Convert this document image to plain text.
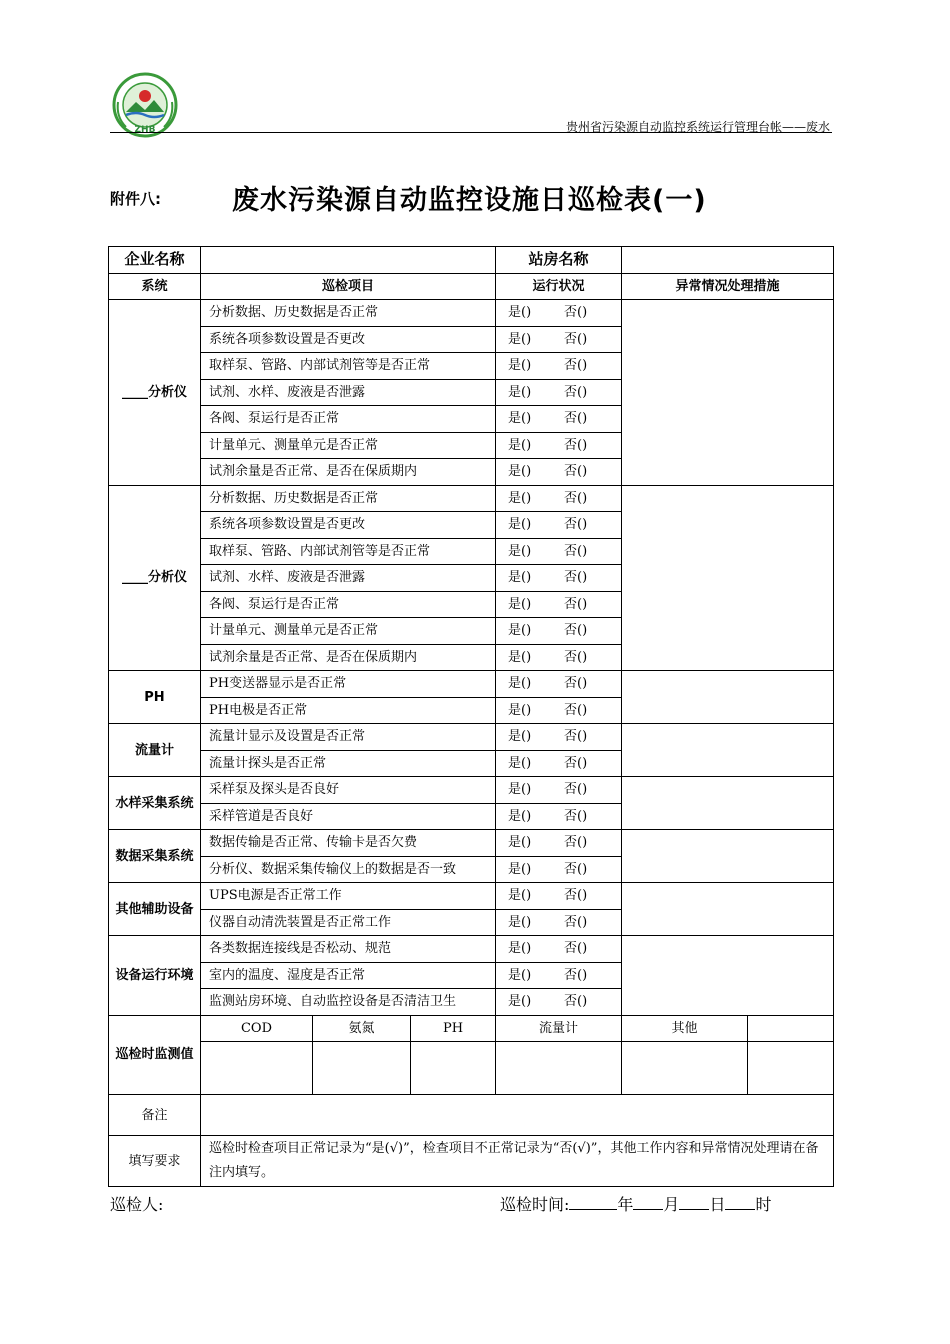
ZHB	贵州省污染源自动监控系统运行管理台帐——废水
附件八:	废水污染源自动监控设施日巡检表(一)
企业名称				站房名称		
系统	巡检项目			运行状况	异常情况处理措施	
____分析仪	分析数据、历史数据是否正常			是() 否()		
	系统各项参数设置是否更改			是() 否()		
	取样泵、管路、内部试剂管等是否正常			是() 否()		
	试剂、水样、废液是否泄露			是() 否()		
	各阀、泵运行是否正常			是() 否()		
	计量单元、测量单元是否正常			是() 否()		
	试剂余量是否正常、是否在保质期内			是() 否()		
____分析仪	分析数据、历史数据是否正常			是() 否()		
	系统各项参数设置是否更改			是() 否()		
	取样泵、管路、内部试剂管等是否正常			是() 否()		
	试剂、水样、废液是否泄露			是() 否()		
	各阀、泵运行是否正常			是() 否()		
	计量单元、测量单元是否正常			是() 否()		
	试剂余量是否正常、是否在保质期内			是() 否()		
PH	PH变送器显示是否正常			是() 否()		
	PH电极是否正常			是() 否()		
流量计	流量计显示及设置是否正常			是() 否()		
	流量计探头是否正常			是() 否()		
水样采集系统	采样泵及探头是否良好			是() 否()		
	采样管道是否良好			是() 否()		
数据采集系统	数据传输是否正常、传输卡是否欠费			是() 否()		
	分析仪、数据采集传输仪上的数据是否一致			是() 否()		
其他辅助设备	UPS电源是否正常工作			是() 否()		
	仪器自动清洗装置是否正常工作			是() 否()		
设备运行环境	各类数据连接线是否松动、规范			是() 否()		
	室内的温度、湿度是否正常			是() 否()		
	监测站房环境、自动监控设备是否清洁卫生			是() 否()		
巡检时监测值	COD	氨氮	PH	流量计	其他	

备注						
填写要求	巡检时检查项目正常记录为“是(√)”，检查项目不正常记录为“否(√)”，其他工作内容和异常情况处理请在备注内填写。					
巡检人:	巡检时间:	年 月 日 时
